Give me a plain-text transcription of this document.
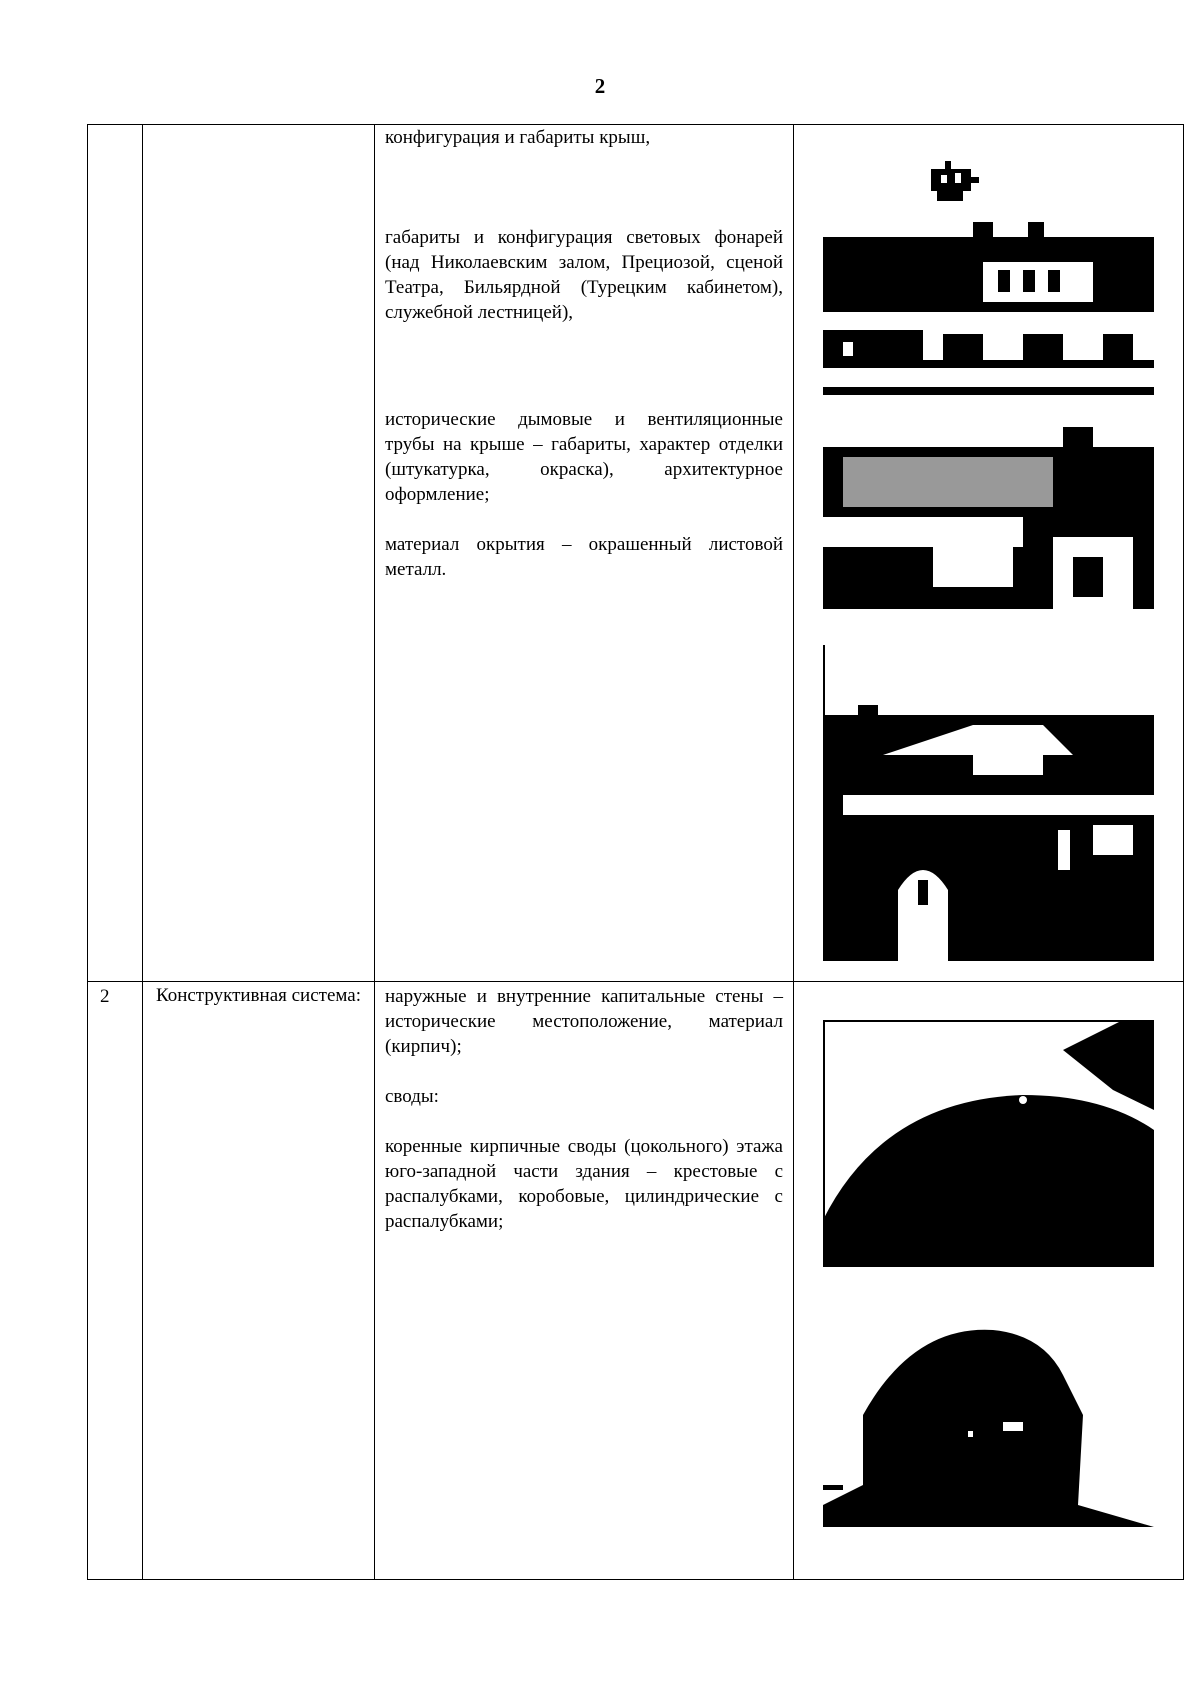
2

		конфигурация и габариты крыш,

габариты и конфигурация световых фонарей (над Николаевским залом, Прециозой, сценой Театра, Бильярдной (Турецким кабинетом), служебной лестницей),

исторические дымовые и вентиляционные трубы на крыше – габариты, характер отделки (штукатурка, окраска), архитектурное оформление;

материал окрытия – окрашенный листовой металл.

2	Конструктивная система:	наружные и внутренние капитальные стены – исторические местоположение, материал (кирпич);

своды:

коренные кирпичные своды (цокольного) этажа юго-западной части здания – крестовые с распалубками, коробовые, цилиндрические с распалубками;
